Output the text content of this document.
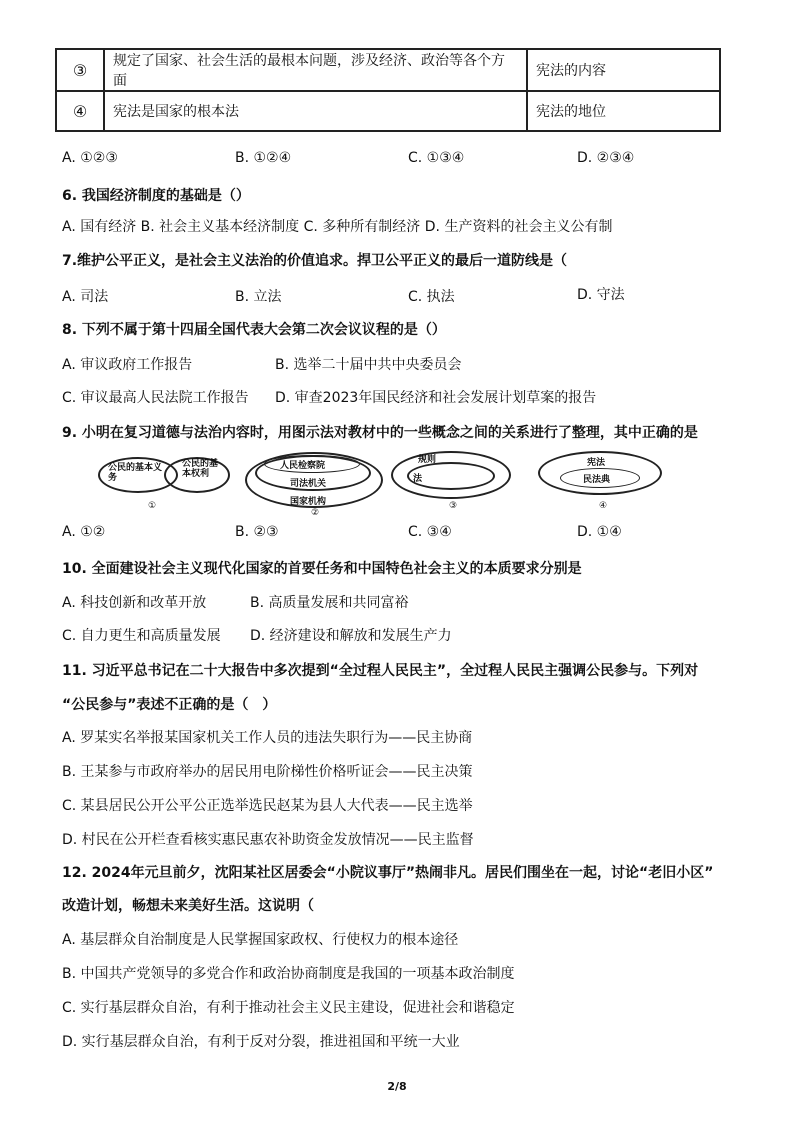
③	规定了国家、社会生活的最根本问题，涉及经济、政治等各个方面	宪法的内容
④	宪法是国家的根本法	宪法的地位
A. ①②③	B. ①②④	C. ①③④	D. ②③④
6. 我国经济制度的基础是（）
A. 国有经济 B. 社会主义基本经济制度 C. 多种所有制经济 D. 生产资料的社会主义公有制
7.维护公平正义，是社会主义法治的价值追求。捍卫公平正义的最后一道防线是（
A. 司法	B. 立法	C. 执法	D. 守法
8. 下列不属于第十四届全国代表大会第二次会议议程的是（）
A. 审议政府工作报告	B. 选举二十届中共中央委员会
C. 审议最高人民法院工作报告 D. 审查2023年国民经济和社会发展计划草案的报告
9. 小明在复习道德与法治内容时，用图示法对教材中的一些概念之间的关系进行了整理，其中正确的是
公民的基本义务
公民的基本权利
①
人民检察院
司法机关
国家机构
②
规则
法
③
宪法
民法典
④
A. ①②	B. ②③	C. ③④	D. ①④
10. 全面建设社会主义现代化国家的首要任务和中国特色社会主义的本质要求分别是
A. 科技创新和改革开放	B. 高质量发展和共同富裕
C. 自力更生和高质量发展 D. 经济建设和解放和发展生产力
11. 习近平总书记在二十大报告中多次提到“全过程人民民主”，全过程人民民主强调公民参与。下列对
“公民参与”表述不正确的是（　）
A. 罗某实名举报某国家机关工作人员的违法失职行为——民主协商
B. 王某参与市政府举办的居民用电阶梯性价格听证会——民主决策
C. 某县居民公开公平公正选举选民赵某为县人大代表——民主选举
D. 村民在公开栏查看核实惠民惠农补助资金发放情况——民主监督
12. 2024年元旦前夕，沈阳某社区居委会“小院议事厅”热闹非凡。居民们围坐在一起，讨论“老旧小区”
改造计划，畅想未来美好生活。这说明（
A. 基层群众自治制度是人民掌握国家政权、行使权力的根本途径
B. 中国共产党领导的多党合作和政治协商制度是我国的一项基本政治制度
C. 实行基层群众自治，有利于推动社会主义民主建设，促进社会和谐稳定
D. 实行基层群众自治，有利于反对分裂，推进祖国和平统一大业
2/8
